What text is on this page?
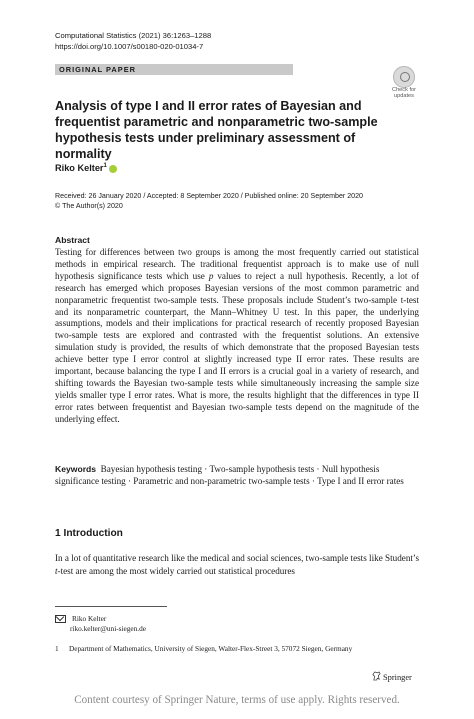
Computational Statistics (2021) 36:1263–1288
https://doi.org/10.1007/s00180-020-01034-7
ORIGINAL PAPER
Check for
updates
Analysis of type I and II error rates of Bayesian and frequentist parametric and nonparametric two-sample hypothesis tests under preliminary assessment of normality
Riko Kelter$^1$
Received: 26 January 2020 / Accepted: 8 September 2020 / Published online: 20 September 2020
© The Author(s) 2020
Abstract
Testing for differences between two groups is among the most frequently carried out statistical methods in empirical research. The traditional frequentist approach is to make use of null hypothesis significance tests which use p values to reject a null hypothesis. Recently, a lot of research has emerged which proposes Bayesian versions of the most common parametric and nonparametric frequentist two-sample tests. These proposals include Student’s two-sample t-test and its nonparametric counterpart, the Mann–Whitney U test. In this paper, the underlying assumptions, models and their implications for practical research of recently proposed Bayesian two-sample tests are explored and contrasted with the frequentist solutions. An extensive simulation study is provided, the results of which demonstrate that the proposed Bayesian tests achieve better type I error control at slightly increased type II error rates. These results are important, because balancing the type I and II errors is a crucial goal in a variety of research, and shifting towards the Bayesian two-sample tests while simultaneously increasing the sample size yields smaller type I error rates. What is more, the results highlight that the differences in type II error rates between frequentist and Bayesian two-sample tests depend on the magnitude of the underlying effect.
Keywords Bayesian hypothesis testing · Two-sample hypothesis tests · Null hypothesis significance testing · Parametric and non-parametric two-sample tests · Type I and II error rates
1 Introduction
In a lot of quantitative research like the medical and social sciences, two-sample tests like Student’s t-test are among the most widely carried out statistical procedures
Riko Kelter
riko.kelter@uni-siegen.de
1 Department of Mathematics, University of Siegen, Walter-Flex-Street 3, 57072 Siegen, Germany
Springer
Content courtesy of Springer Nature, terms of use apply. Rights reserved.
